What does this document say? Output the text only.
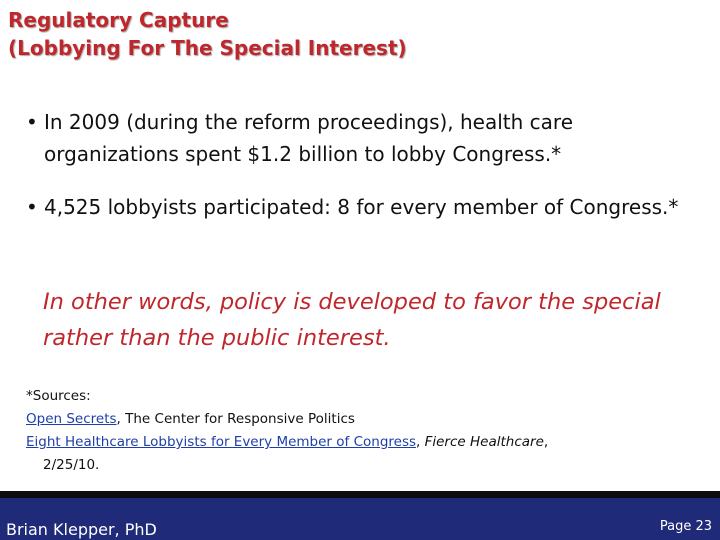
Regulatory Capture
(Lobbying For The Special Interest)
• In 2009 (during the reform proceedings), health care organizations spent $1.2 billion to lobby Congress.*
• 4,525 lobbyists participated: 8 for every member of Congress.*

In other words, policy is developed to favor the special rather than the public interest.

*Sources:
Open Secrets, The Center for Responsive Politics
Eight Healthcare Lobbyists for Every Member of Congress, Fierce Healthcare,
2/25/10.
Brian Klepper, PhD	Page 23
